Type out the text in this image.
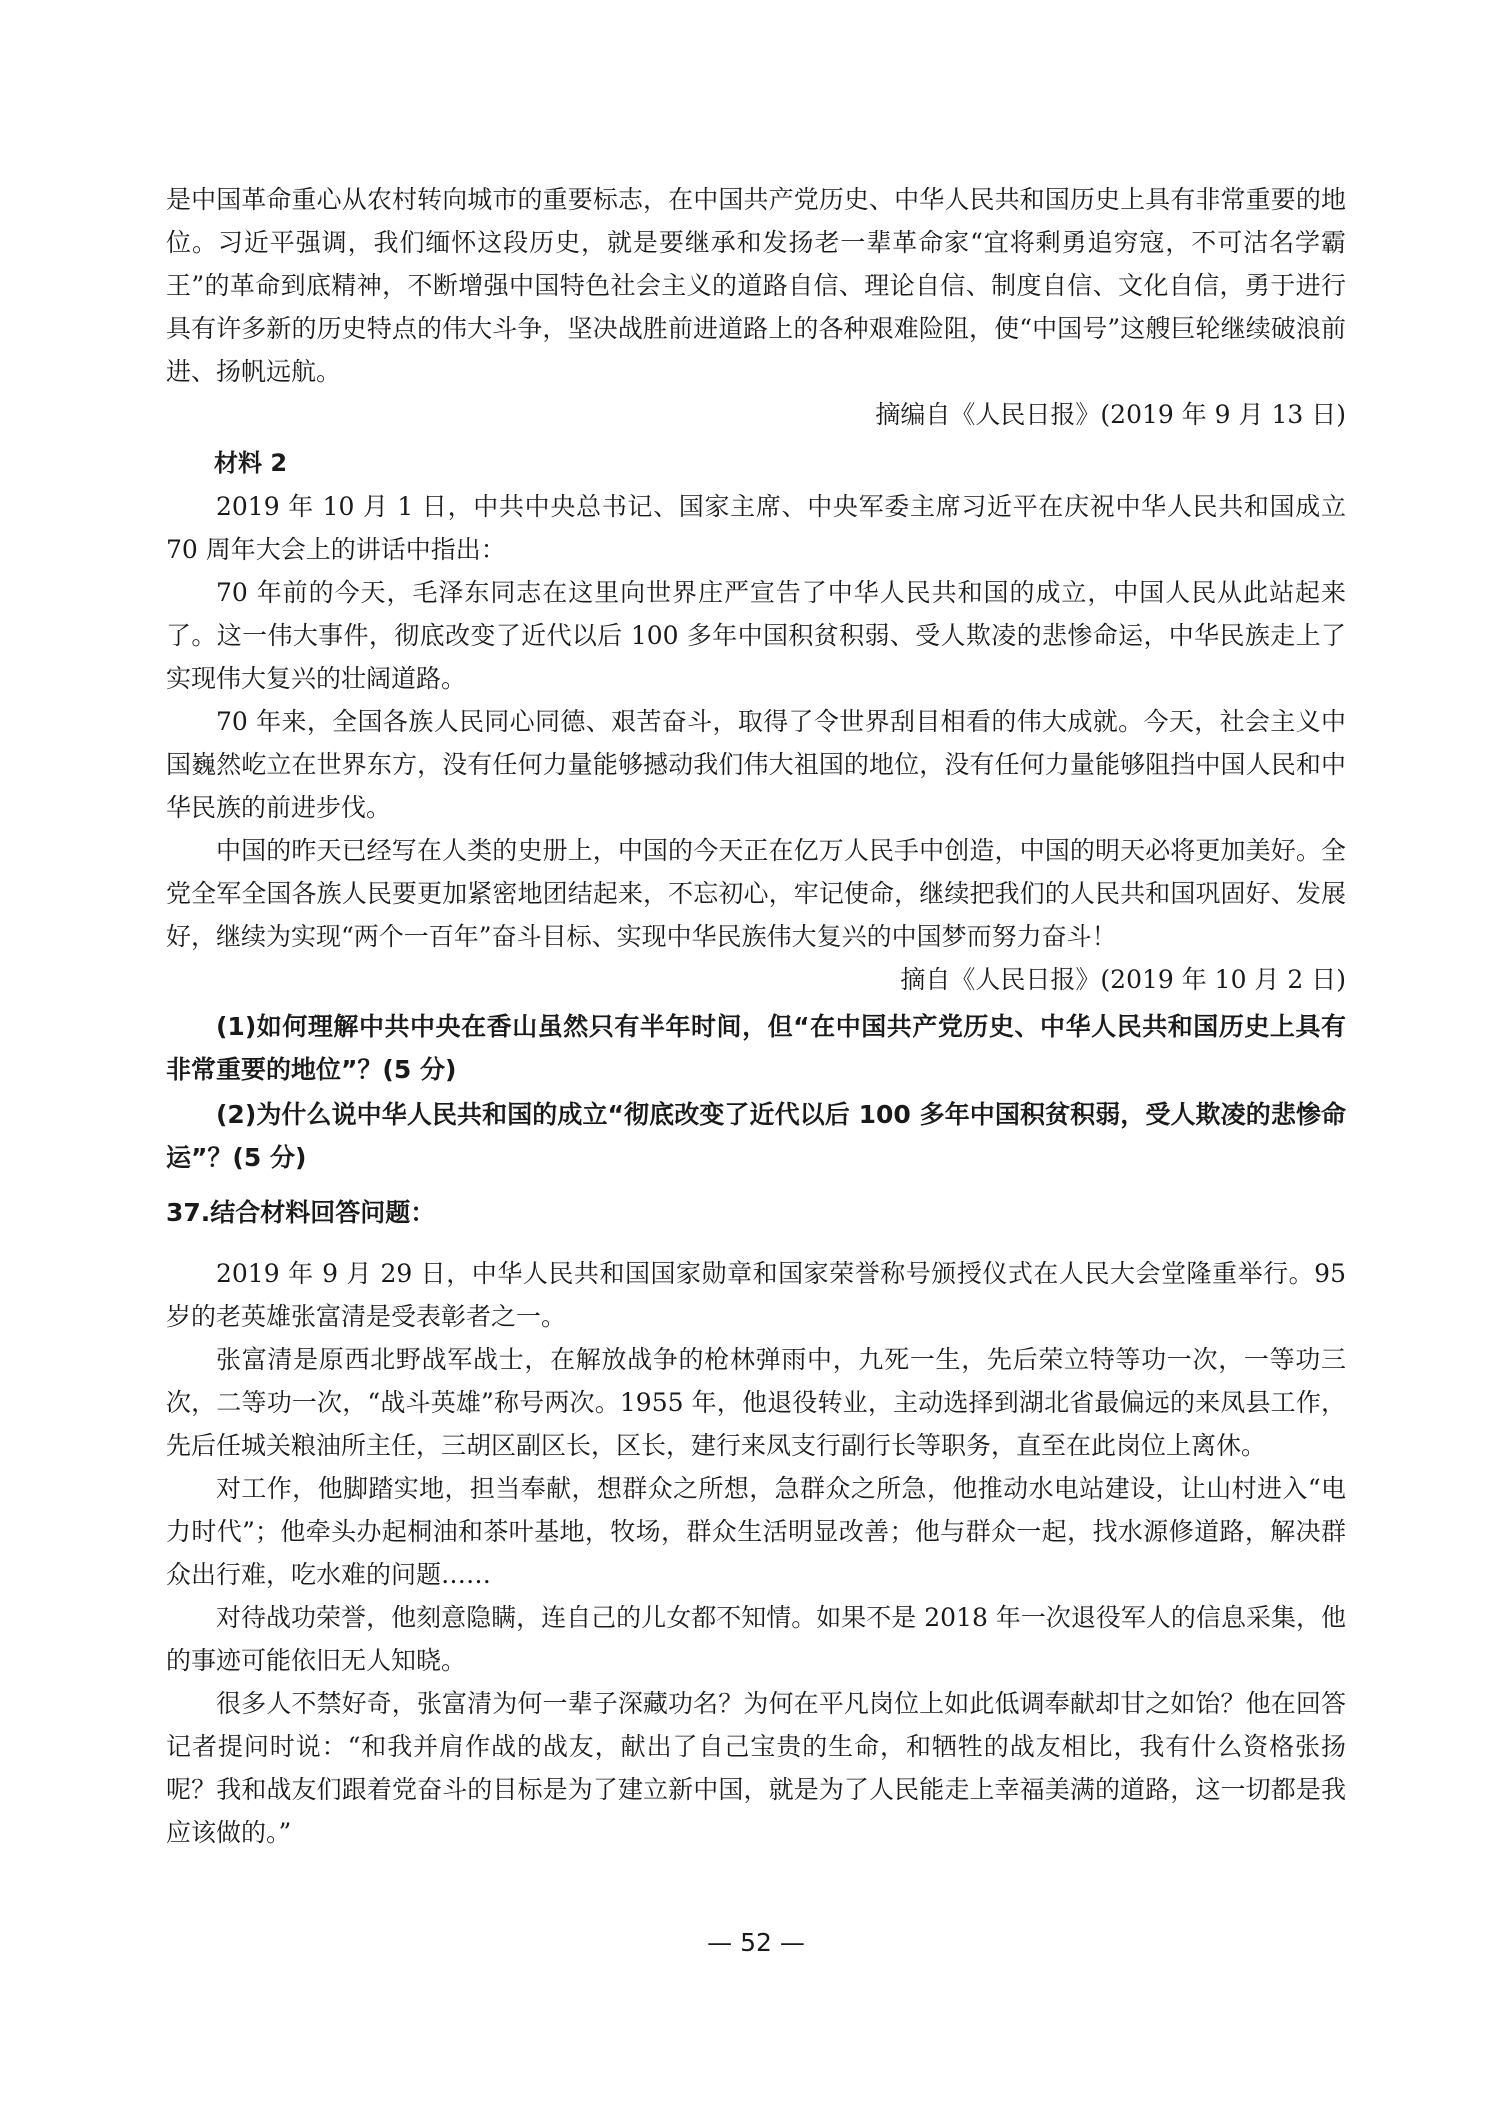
是中国革命重心从农村转向城市的重要标志，在中国共产党历史、中华人民共和国历史上具有非常重要的地位。习近平强调，我们缅怀这段历史，就是要继承和发扬老一辈革命家“宜将剩勇追穷寇，不可沽名学霸王”的革命到底精神，不断增强中国特色社会主义的道路自信、理论自信、制度自信、文化自信，勇于进行具有许多新的历史特点的伟大斗争，坚决战胜前进道路上的各种艰难险阻，使“中国号”这艘巨轮继续破浪前进、扬帆远航。

摘编自《人民日报》(2019 年 9 月 13 日)

材料 2

2019 年 10 月 1 日，中共中央总书记、国家主席、中央军委主席习近平在庆祝中华人民共和国成立 70 周年大会上的讲话中指出：

70 年前的今天，毛泽东同志在这里向世界庄严宣告了中华人民共和国的成立，中国人民从此站起来了。这一伟大事件，彻底改变了近代以后 100 多年中国积贫积弱、受人欺凌的悲惨命运，中华民族走上了实现伟大复兴的壮阔道路。

70 年来，全国各族人民同心同德、艰苦奋斗，取得了令世界刮目相看的伟大成就。今天，社会主义中国巍然屹立在世界东方，没有任何力量能够撼动我们伟大祖国的地位，没有任何力量能够阻挡中国人民和中华民族的前进步伐。

中国的昨天已经写在人类的史册上，中国的今天正在亿万人民手中创造，中国的明天必将更加美好。全党全军全国各族人民要更加紧密地团结起来，不忘初心，牢记使命，继续把我们的人民共和国巩固好、发展好，继续为实现“两个一百年”奋斗目标、实现中华民族伟大复兴的中国梦而努力奋斗！

摘自《人民日报》(2019 年 10 月 2 日)

(1)如何理解中共中央在香山虽然只有半年时间，但“在中国共产党历史、中华人民共和国历史上具有非常重要的地位”？(5 分)

(2)为什么说中华人民共和国的成立“彻底改变了近代以后 100 多年中国积贫积弱，受人欺凌的悲惨命运”？(5 分)

37.结合材料回答问题：

2019 年 9 月 29 日，中华人民共和国国家勋章和国家荣誉称号颁授仪式在人民大会堂隆重举行。95 岁的老英雄张富清是受表彰者之一。

张富清是原西北野战军战士，在解放战争的枪林弹雨中，九死一生，先后荣立特等功一次，一等功三次，二等功一次，“战斗英雄”称号两次。1955 年，他退役转业，主动选择到湖北省最偏远的来凤县工作，先后任城关粮油所主任，三胡区副区长，区长，建行来凤支行副行长等职务，直至在此岗位上离休。

对工作，他脚踏实地，担当奉献，想群众之所想，急群众之所急，他推动水电站建设，让山村进入“电力时代”；他牵头办起桐油和茶叶基地，牧场，群众生活明显改善；他与群众一起，找水源修道路，解决群众出行难，吃水难的问题……

对待战功荣誉，他刻意隐瞒，连自己的儿女都不知情。如果不是 2018 年一次退役军人的信息采集，他的事迹可能依旧无人知晓。

很多人不禁好奇，张富清为何一辈子深藏功名？为何在平凡岗位上如此低调奉献却甘之如饴？他在回答记者提问时说：“和我并肩作战的战友，献出了自己宝贵的生命，和牺牲的战友相比，我有什么资格张扬呢？我和战友们跟着党奋斗的目标是为了建立新中国，就是为了人民能走上幸福美满的道路，这一切都是我应该做的。”

— 52 —
